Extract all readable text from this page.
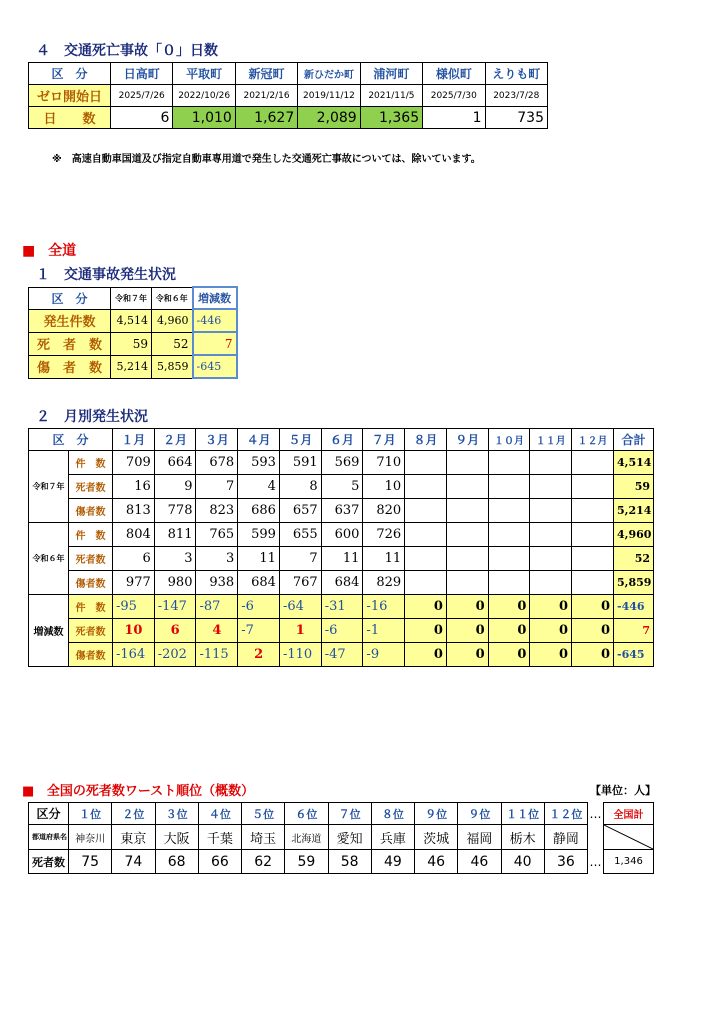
４　交通死亡事故「０」日数
区　分	日高町	平取町	新冠町	新ひだか町	浦河町	様似町	えりも町
ゼロ開始日	2025/7/26	2022/10/26	2021/2/16	2019/11/12	2021/11/5	2025/7/30	2023/7/28
日　　数	6	1,010	1,627	2,089	1,365	1	735
※　高速自動車国道及び指定自動車専用道で発生した交通死亡事故については、除いています。
■ 全道
１　交通事故発生状況
区　分	令和７年	令和６年	増減数
発生件数	4,514	4,960	-446
死　者　数	59	52	7
傷　者　数	5,214	5,859	-645
２　月別発生状況
区　分		１月	２月	３月	４月	５月	６月	７月	８月	９月	１０月	１１月	１２月	合計
令和７年	件　数	709	664	678	593	591	569	710						4,514
	死者数	16	9	7	4	8	5	10						59
	傷者数	813	778	823	686	657	637	820						5,214
令和６年	件　数	804	811	765	599	655	600	726						4,960
	死者数	6	3	3	11	7	11	11						52
	傷者数	977	980	938	684	767	684	829						5,859
増減数	件　数	-95	-147	-87	-6	-64	-31	-16	0	0	0	0	0	-446
	死者数	10	6	4	-7	1	-6	-1	0	0	0	0	0	7
	傷者数	-164	-202	-115	2	-110	-47	-9	0	0	0	0	0	-645
■ 全国の死者数ワースト順位（概数）	【単位：人】
区分	１位	２位	３位	４位	５位	６位	７位	８位	９位	９位	１１位	１２位	…	全国計
都道府県名	神奈川	東京	大阪	千葉	埼玉	北海道	愛知	兵庫	茨城	福岡	栃木	静岡		

死者数	75	74	68	66	62	59	58	49	46	46	40	36	…	1,346
